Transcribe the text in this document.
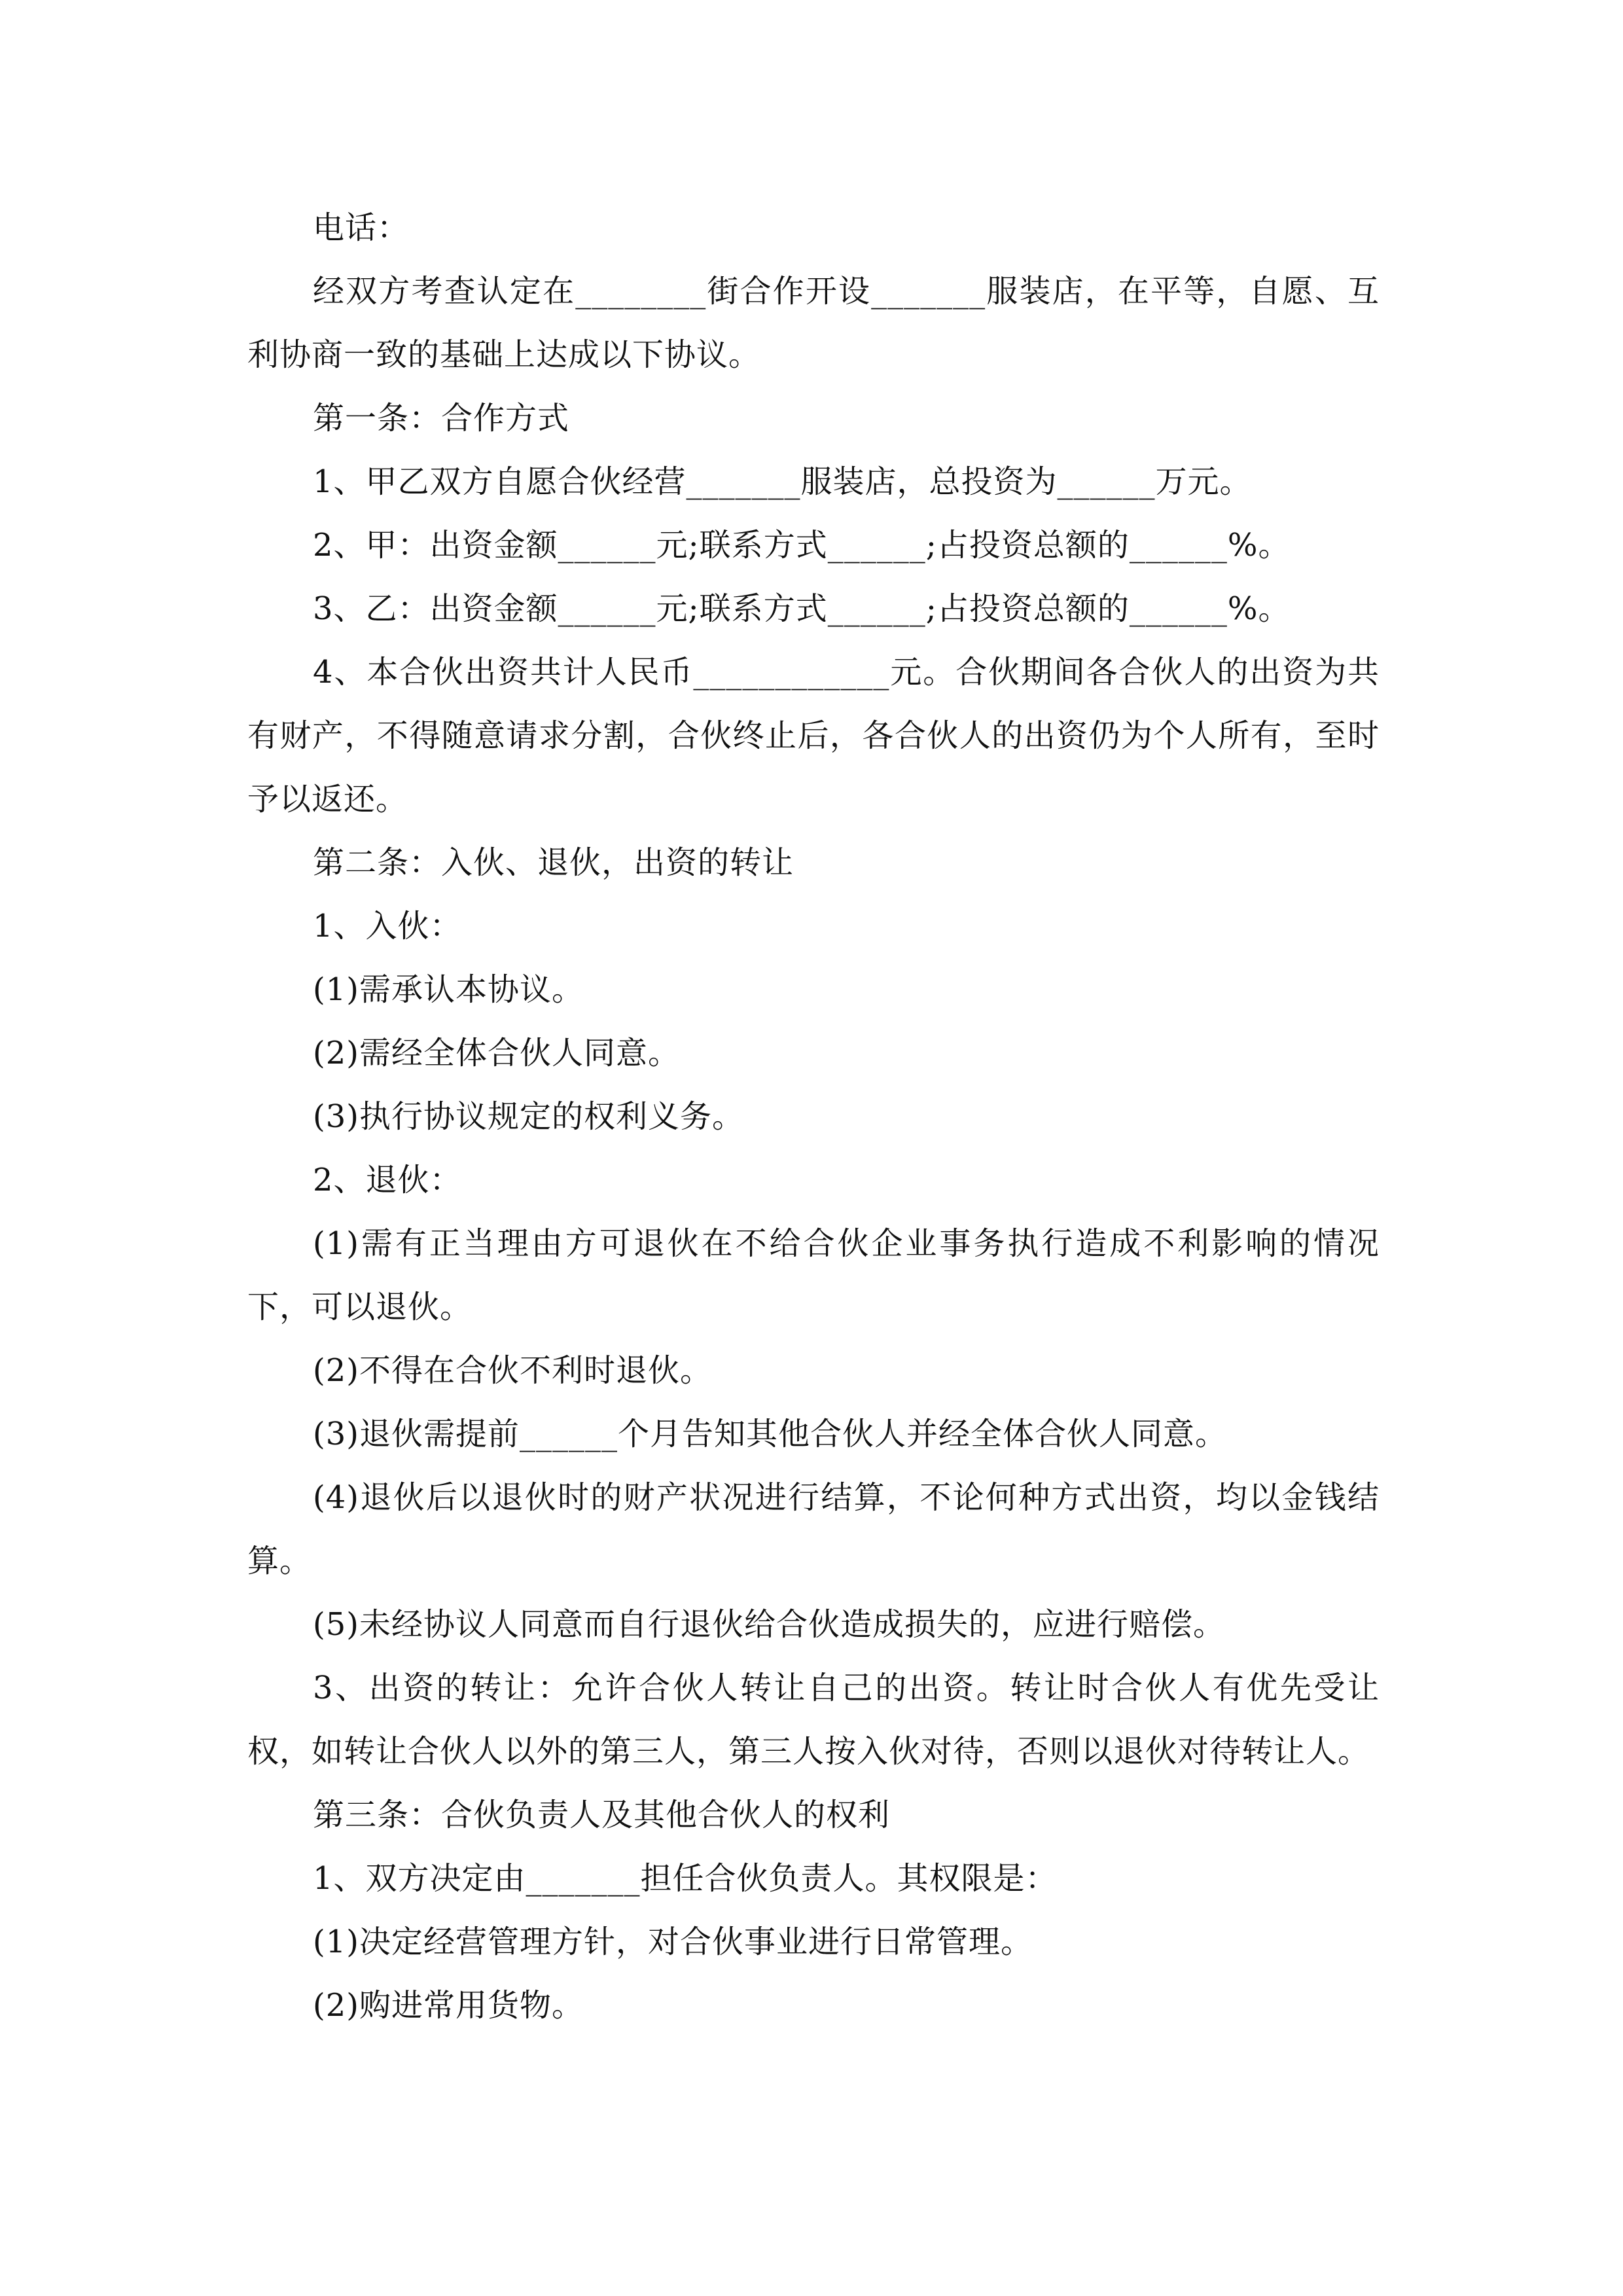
电话：

经双方考查认定在________街合作开设_______服装店，在平等，自愿、互利协商一致的基础上达成以下协议。

第一条：合作方式

1、甲乙双方自愿合伙经营_______服装店，总投资为______万元。

2、甲：出资金额______元;联系方式______;占投资总额的______%。

3、乙：出资金额______元;联系方式______;占投资总额的______%。

4、本合伙出资共计人民币____________元。合伙期间各合伙人的出资为共有财产，不得随意请求分割，合伙终止后，各合伙人的出资仍为个人所有，至时予以返还。

第二条：入伙、退伙，出资的转让

1、入伙：

(1)需承认本协议。

(2)需经全体合伙人同意。

(3)执行协议规定的权利义务。

2、退伙：

(1)需有正当理由方可退伙在不给合伙企业事务执行造成不利影响的情况下，可以退伙。

(2)不得在合伙不利时退伙。

(3)退伙需提前______个月告知其他合伙人并经全体合伙人同意。

(4)退伙后以退伙时的财产状况进行结算，不论何种方式出资，均以金钱结算。

(5)未经协议人同意而自行退伙给合伙造成损失的，应进行赔偿。

3、出资的转让：允许合伙人转让自己的出资。转让时合伙人有优先受让权，如转让合伙人以外的第三人，第三人按入伙对待，否则以退伙对待转让人。

第三条：合伙负责人及其他合伙人的权利

1、双方决定由_______担任合伙负责人。其权限是：

(1)决定经营管理方针，对合伙事业进行日常管理。

(2)购进常用货物。
